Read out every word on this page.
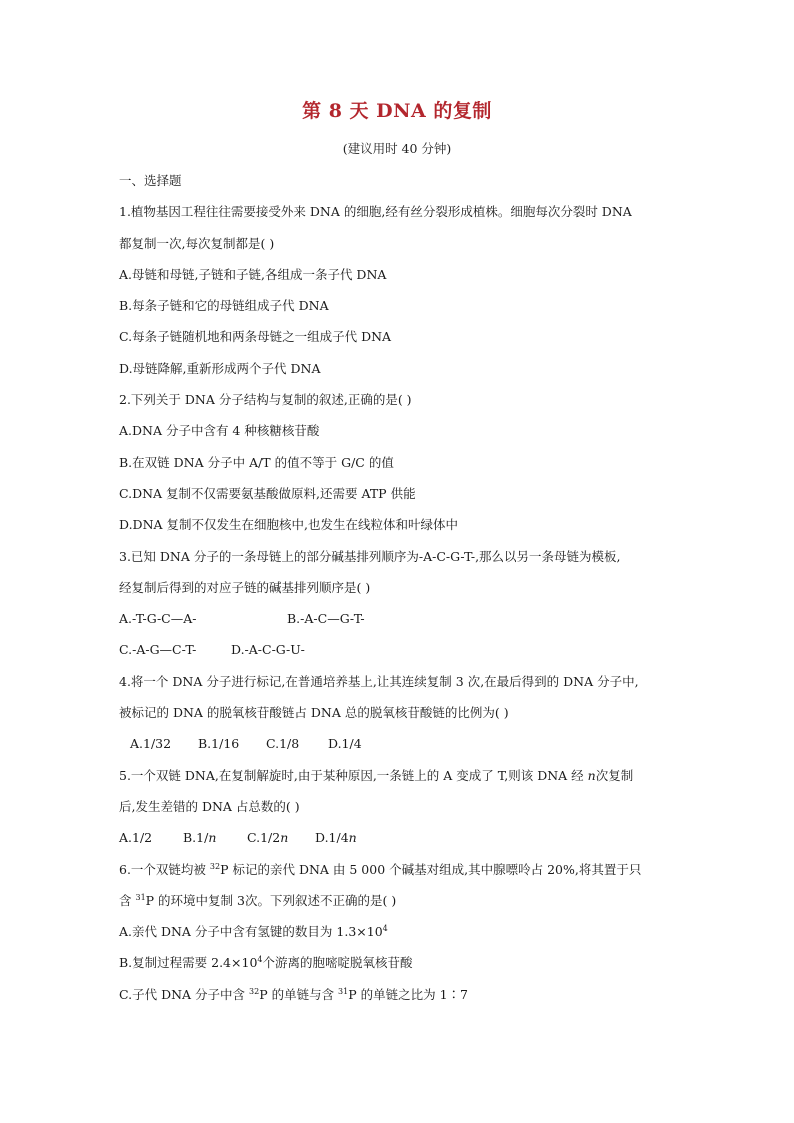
第 8 天 DNA 的复制
(建议用时 40 分钟)
一、选择题
1.植物基因工程往往需要接受外来 DNA 的细胞,经有丝分裂形成植株。细胞每次分裂时 DNA
都复制一次,每次复制都是( )
A.母链和母链,子链和子链,各组成一条子代 DNA
B.每条子链和它的母链组成子代 DNA
C.每条子链随机地和两条母链之一组成子代 DNA
D.母链降解,重新形成两个子代 DNA
2.下列关于 DNA 分子结构与复制的叙述,正确的是( )
A.DNA 分子中含有 4 种核糖核苷酸
B.在双链 DNA 分子中 A/T 的值不等于 G/C 的值
C.DNA 复制不仅需要氨基酸做原料,还需要 ATP 供能
D.DNA 复制不仅发生在细胞核中,也发生在线粒体和叶绿体中
3.已知 DNA 分子的一条母链上的部分碱基排列顺序为-A-C-G-T-,那么以另一条母链为模板,
经复制后得到的对应子链的碱基排列顺序是( )
A.-T-G-C—A-	B.-A-C—G-T-
C.-A-G—C-T-	D.-A-C-G-U-
4.将一个 DNA 分子进行标记,在普通培养基上,让其连续复制 3 次,在最后得到的 DNA 分子中,
被标记的 DNA 的脱氧核苷酸链占 DNA 总的脱氧核苷酸链的比例为( )
A.1/32 B.1/16 C.1/8 D.1/4
5.一个双链 DNA,在复制解旋时,由于某种原因,一条链上的 A 变成了 T,则该 DNA 经 n次复制
后,发生差错的 DNA 占总数的( )
A.1/2 B.1/n C.1/2n D.1/4n
6.一个双链均被 $^{32}$P 标记的亲代 DNA 由 5 000 个碱基对组成,其中腺嘌呤占 20%,将其置于只
含 $^{31}$P 的环境中复制 3次。下列叙述不正确的是( )
A.亲代 DNA 分子中含有氢键的数目为 $1.3\times 10^4$
B.复制过程需要 $2.4\times 10^4$个游离的胞嘧啶脱氧核苷酸
C.子代 DNA 分子中含 $^{32}$P 的单链与含 $^{31}$P 的单链之比为 1∶7
